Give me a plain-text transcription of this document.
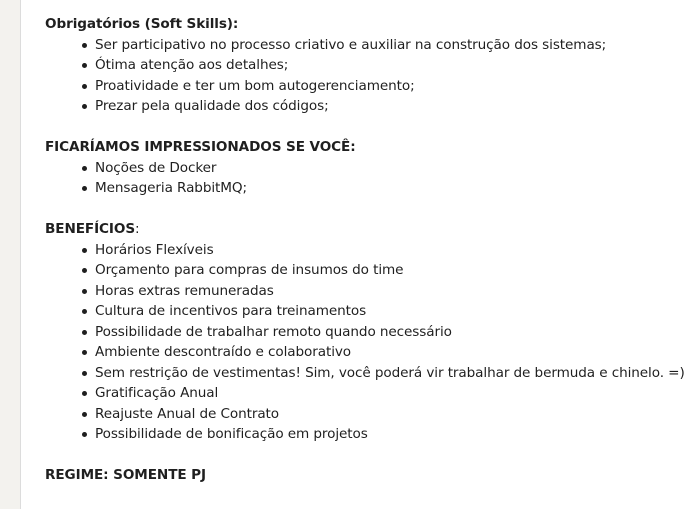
Obrigatórios (Soft Skills):
Ser participativo no processo criativo e auxiliar na construção dos sistemas;
Ótima atenção aos detalhes;
Proatividade e ter um bom autogerenciamento;
Prezar pela qualidade dos códigos;
FICARÍAMOS IMPRESSIONADOS SE VOCÊ:
Noções de Docker
Mensageria RabbitMQ;
BENEFÍCIOS:
Horários Flexíveis
Orçamento para compras de insumos do time
Horas extras remuneradas
Cultura de incentivos para treinamentos
Possibilidade de trabalhar remoto quando necessário
Ambiente descontraído e colaborativo
Sem restrição de vestimentas! Sim, você poderá vir trabalhar de bermuda e chinelo. =)
Gratificação Anual
Reajuste Anual de Contrato
Possibilidade de bonificação em projetos
REGIME: SOMENTE PJ
